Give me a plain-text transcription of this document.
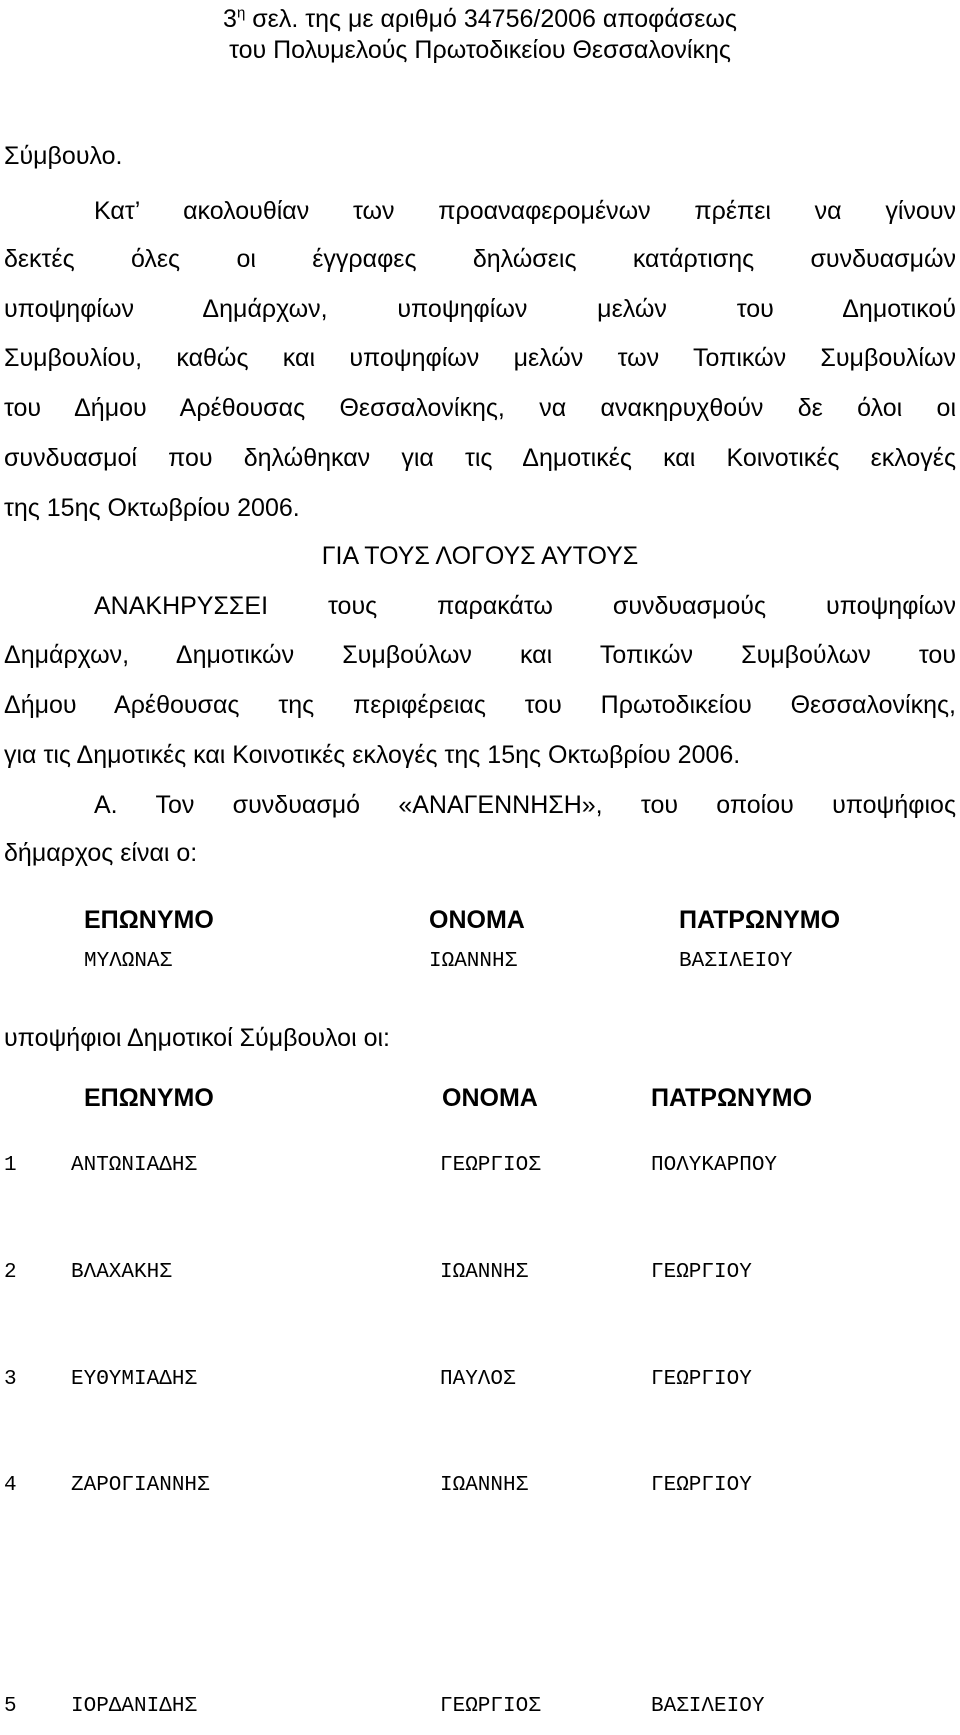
$3^\eta$ σελ. της με αριθμό 34756/2006 αποφάσεως
του Πολυμελούς Πρωτοδικείου Θεσσαλονίκης
Σύμβουλο.
Κατ’ ακολουθίαν των προαναφερομένων πρέπει να γίνουν
δεκτές όλες οι έγγραφες δηλώσεις κατάρτισης συνδυασμών
υποψηφίων Δημάρχων, υποψηφίων μελών του Δημοτικού
Συμβουλίου, καθώς και υποψηφίων μελών των Τοπικών Συμβουλίων
του Δήμου Αρέθουσας Θεσσαλονίκης, να ανακηρυχθούν δε όλοι οι
συνδυασμοί που δηλώθηκαν για τις Δημοτικές και Κοινοτικές εκλογές
της 15ης Οκτωβρίου 2006.
ΓΙΑ ΤΟΥΣ ΛΟΓΟΥΣ ΑΥΤΟΥΣ
ΑΝΑΚΗΡΥΣΣΕΙ τους παρακάτω συνδυασμούς υποψηφίων
Δημάρχων, Δημοτικών Συμβούλων και Τοπικών Συμβούλων του
Δήμου Αρέθουσας της περιφέρειας του Πρωτοδικείου Θεσσαλονίκης,
για τις Δημοτικές και Κοινοτικές εκλογές της 15ης Οκτωβρίου 2006.
Α. Τον συνδυασμό «ΑΝΑΓΕΝΝΗΣΗ», του οποίου υποψήφιος
δήμαρχος είναι ο:
ΕΠΩΝΥΜΟ	ΟΝΟΜΑ	ΠΑΤΡΩΝΥΜΟ
ΜΥΛΩΝΑΣ	ΙΩΑΝΝΗΣ	ΒΑΣΙΛΕΙΟΥ
υποψήφιοι Δημοτικοί Σύμβουλοι οι:
ΕΠΩΝΥΜΟ	ΟΝΟΜΑ	ΠΑΤΡΩΝΥΜΟ
1	ΑΝΤΩΝΙΑΔΗΣ	ΓΕΩΡΓΙΟΣ	ΠΟΛΥΚΑΡΠΟΥ
2	ΒΛΑΧΑΚΗΣ	ΙΩΑΝΝΗΣ	ΓΕΩΡΓΙΟΥ
3	ΕΥΘΥΜΙΑΔΗΣ	ΠΑΥΛΟΣ	ΓΕΩΡΓΙΟΥ
4	ΖΑΡΟΓΙΑΝΝΗΣ	ΙΩΑΝΝΗΣ	ΓΕΩΡΓΙΟΥ
5	ΙΟΡΔΑΝΙΔΗΣ	ΓΕΩΡΓΙΟΣ	ΒΑΣΙΛΕΙΟΥ
